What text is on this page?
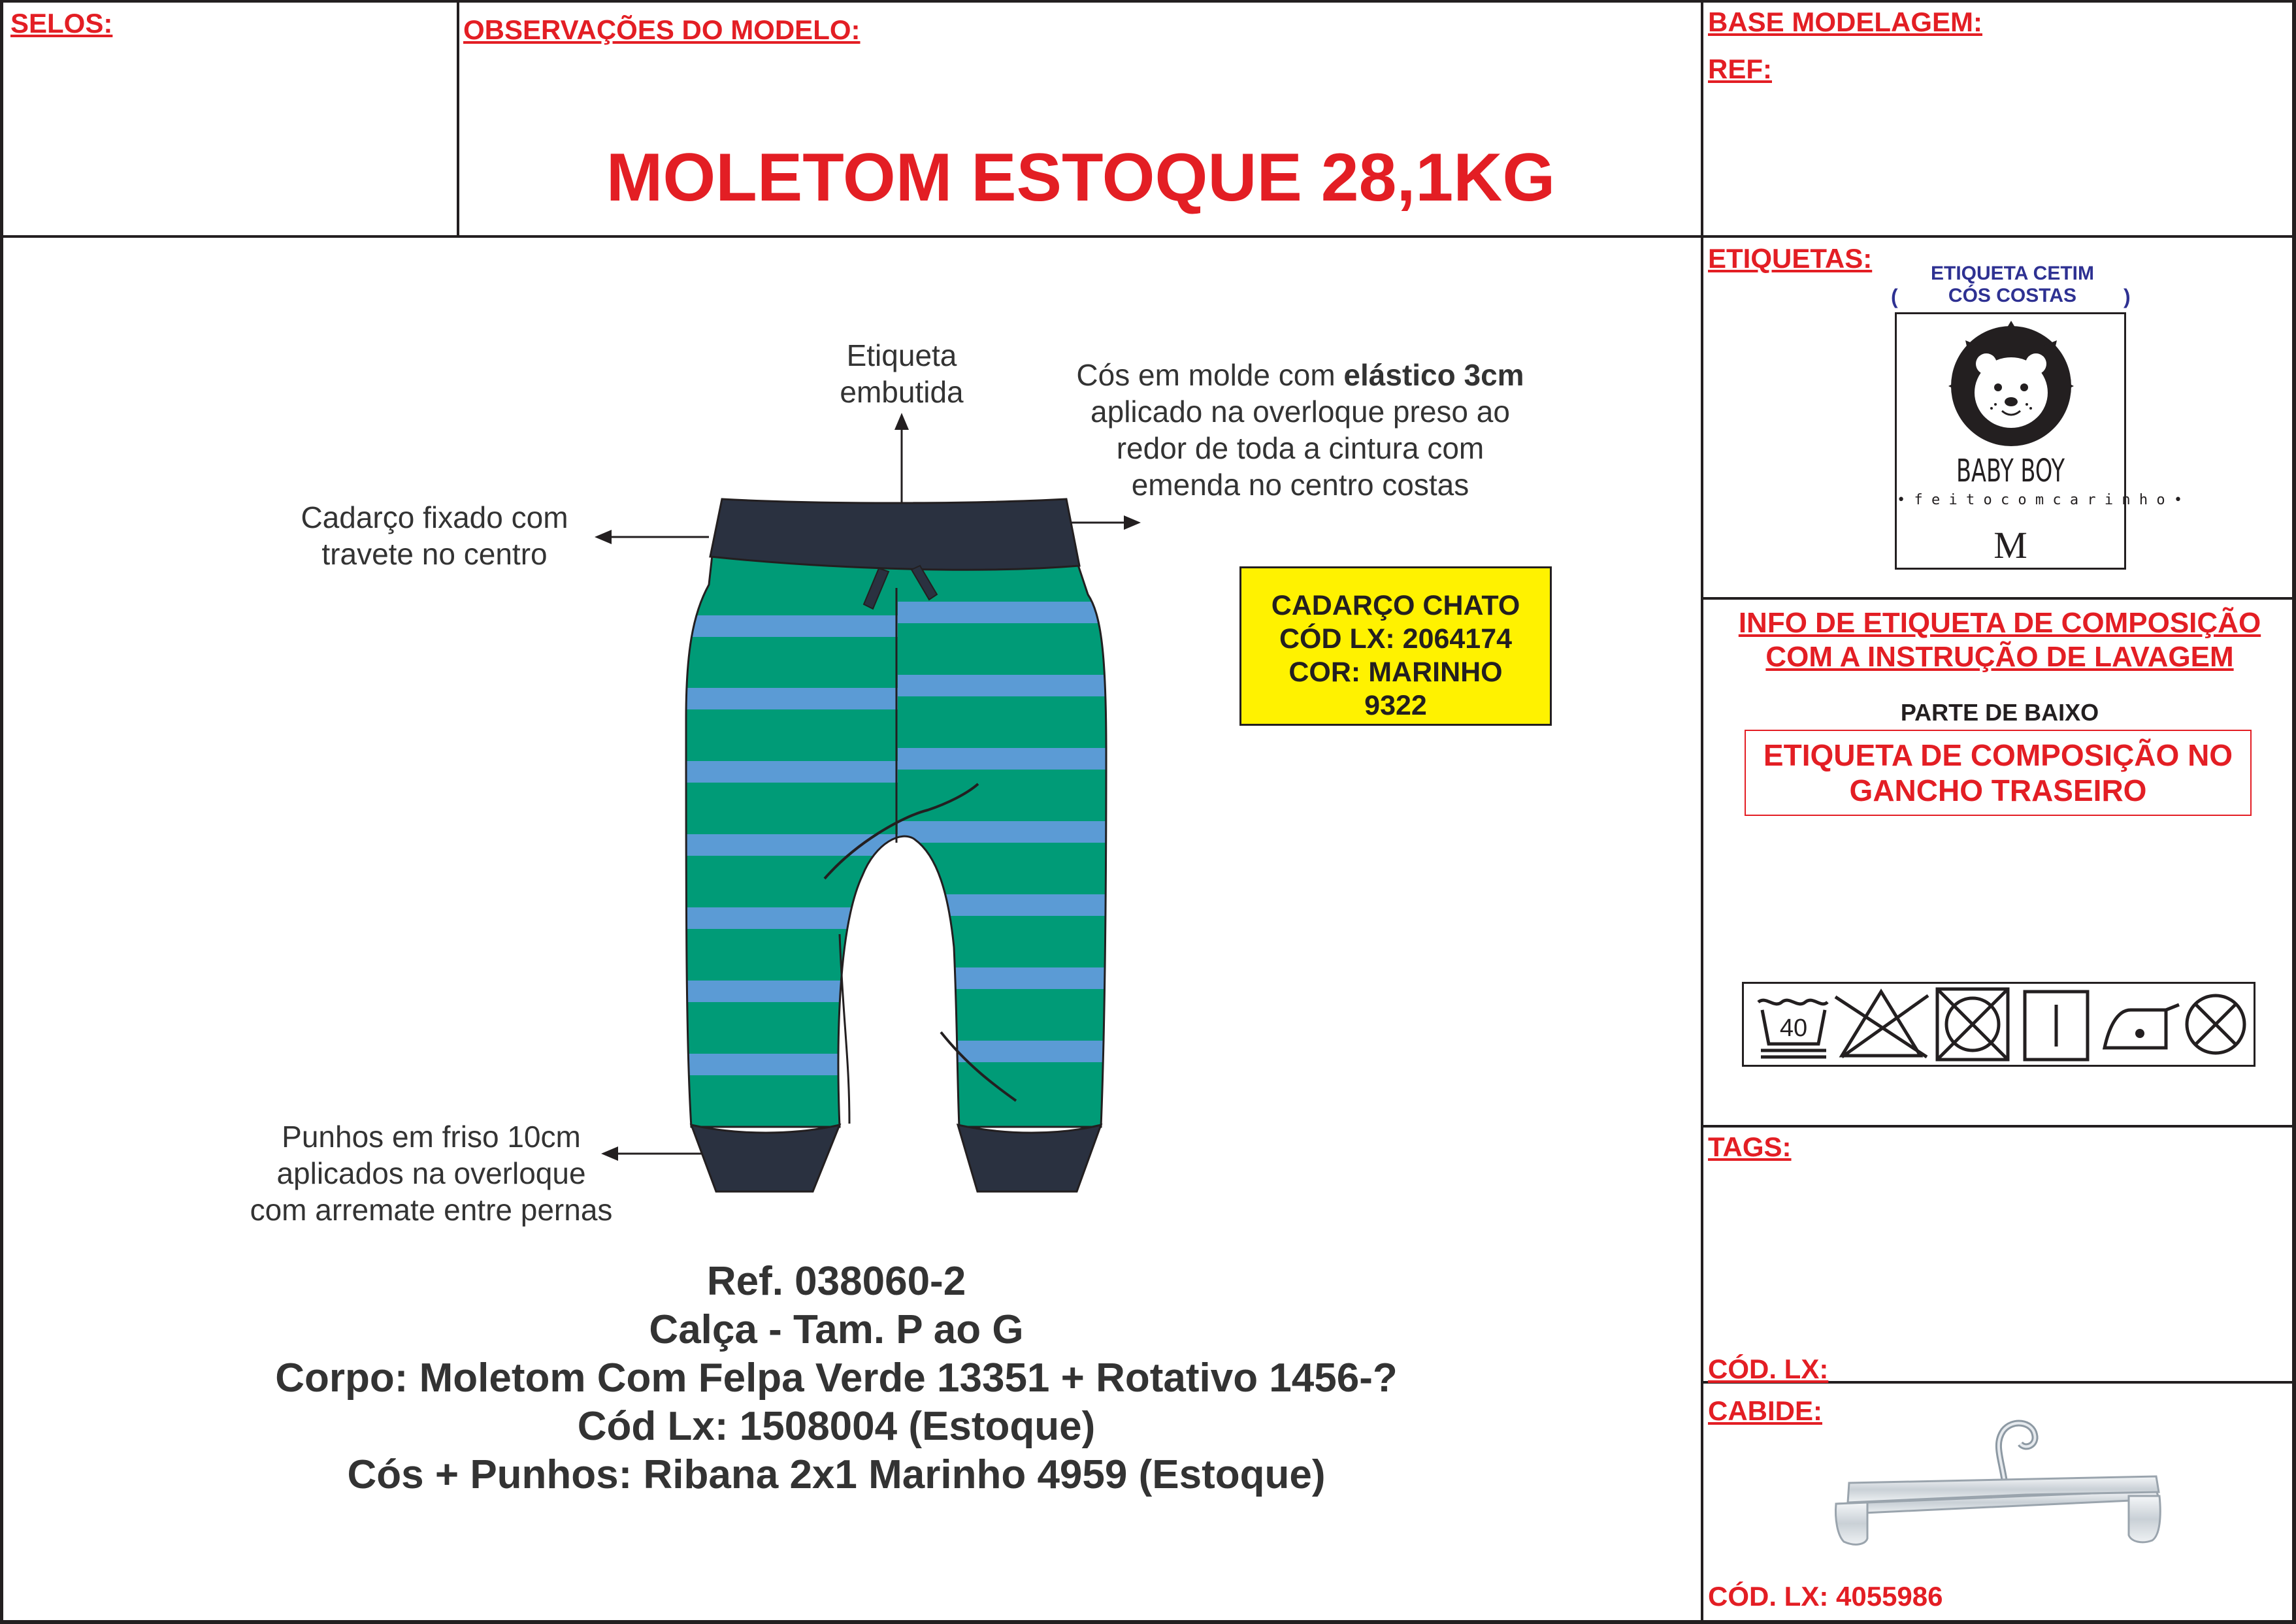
SELOS:	OBSERVAÇÕES DO MODELO:
MOLETOM ESTOQUE 28,1KG
BASE MODELAGEM:
REF:
Etiqueta
embutida	Cós em molde com elástico 3cm
aplicado na overloque preso ao
redor de toda a cintura com
emenda no centro costas
Cadarço fixado com
travete no centro
Punhos em friso 10cm
aplicados na overloque
com arremate entre pernas
CADARÇO CHATO
CÓD LX: 2064174
COR: MARINHO
9322
Ref. 038060-2
Calça - Tam. P ao G
Corpo: Moletom Com Felpa Verde 13351 + Rotativo 1456-?
Cód Lx: 1508004 (Estoque)
Cós + Punhos: Ribana 2x1 Marinho 4959 (Estoque)
ETIQUETAS:	ETIQUETA CETIM
CÓS COSTAS
(	)
BABY BOY
• f e i t o c o m c a r i n h o •
M
INFO DE ETIQUETA DE COMPOSIÇÃO
COM A INSTRUÇÃO DE LAVAGEM
PARTE DE BAIXO
ETIQUETA DE COMPOSIÇÃO NO
GANCHO TRASEIRO
40
TAGS:
CÓD. LX:
CABIDE:
CÓD. LX: 4055986
